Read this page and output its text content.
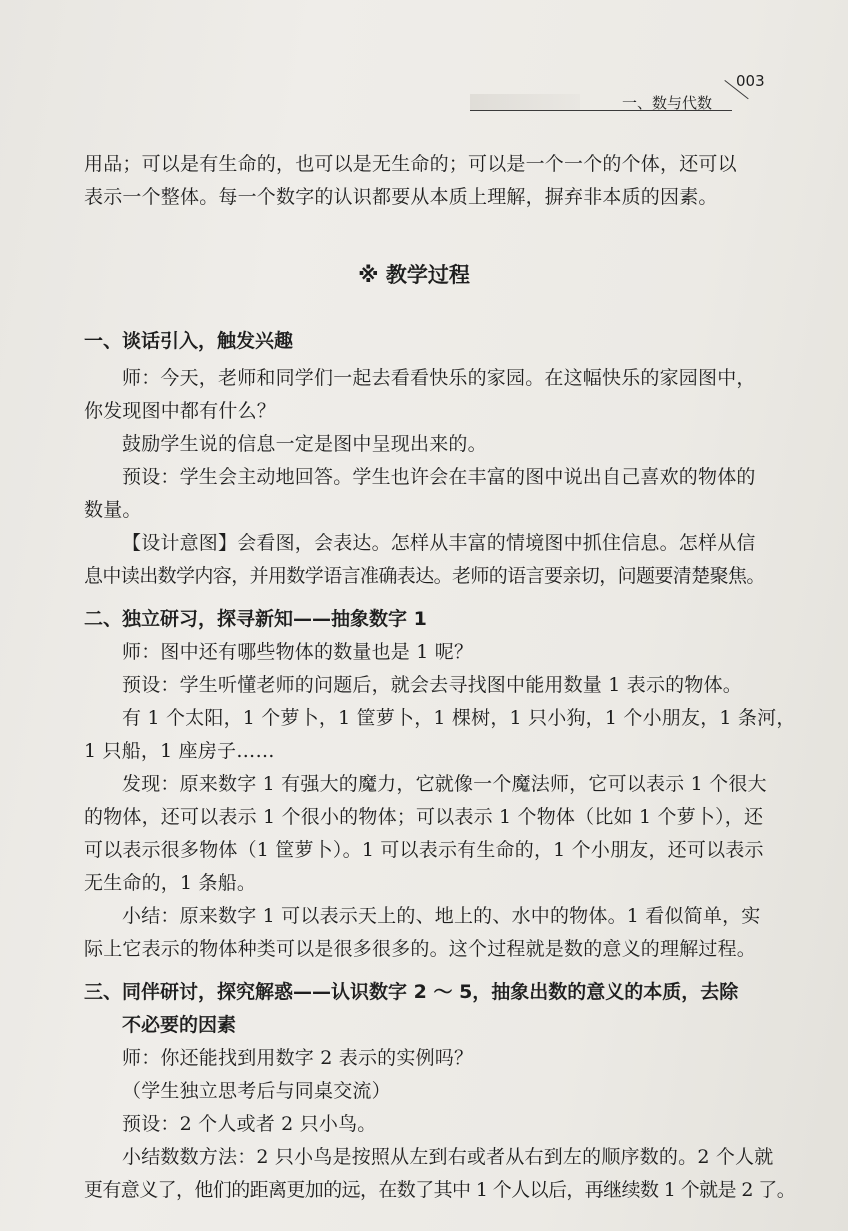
003
一、数与代数

用品；可以是有生命的，也可以是无生命的；可以是一个一个的个体，还可以

表示一个整体。每一个数字的认识都要从本质上理解，摒弃非本质的因素。

※ 教学过程

一、谈话引入，触发兴趣

师：今天，老师和同学们一起去看看快乐的家园。在这幅快乐的家园图中，

你发现图中都有什么？

鼓励学生说的信息一定是图中呈现出来的。

预设：学生会主动地回答。学生也许会在丰富的图中说出自己喜欢的物体的

数量。

【设计意图】会看图，会表达。怎样从丰富的情境图中抓住信息。怎样从信

息中读出数学内容，并用数学语言准确表达。老师的语言要亲切，问题要清楚聚焦。

二、独立研习，探寻新知——抽象数字 1

师：图中还有哪些物体的数量也是 1 呢？

预设：学生听懂老师的问题后，就会去寻找图中能用数量 1 表示的物体。

有 1 个太阳，1 个萝卜，1 筐萝卜，1 棵树，1 只小狗，1 个小朋友，1 条河，

1 只船，1 座房子……

发现：原来数字 1 有强大的魔力，它就像一个魔法师，它可以表示 1 个很大

的物体，还可以表示 1 个很小的物体；可以表示 1 个物体（比如 1 个萝卜），还

可以表示很多物体（1 筐萝卜）。1 可以表示有生命的，1 个小朋友，还可以表示

无生命的，1 条船。

小结：原来数字 1 可以表示天上的、地上的、水中的物体。1 看似简单，实

际上它表示的物体种类可以是很多很多的。这个过程就是数的意义的理解过程。

三、同伴研讨，探究解惑——认识数字 2 ～ 5，抽象出数的意义的本质，去除
不必要的因素

师：你还能找到用数字 2 表示的实例吗？

（学生独立思考后与同桌交流）

预设：2 个人或者 2 只小鸟。

小结数数方法：2 只小鸟是按照从左到右或者从右到左的顺序数的。2 个人就

更有意义了，他们的距离更加的远，在数了其中 1 个人以后，再继续数 1 个就是 2 了。
